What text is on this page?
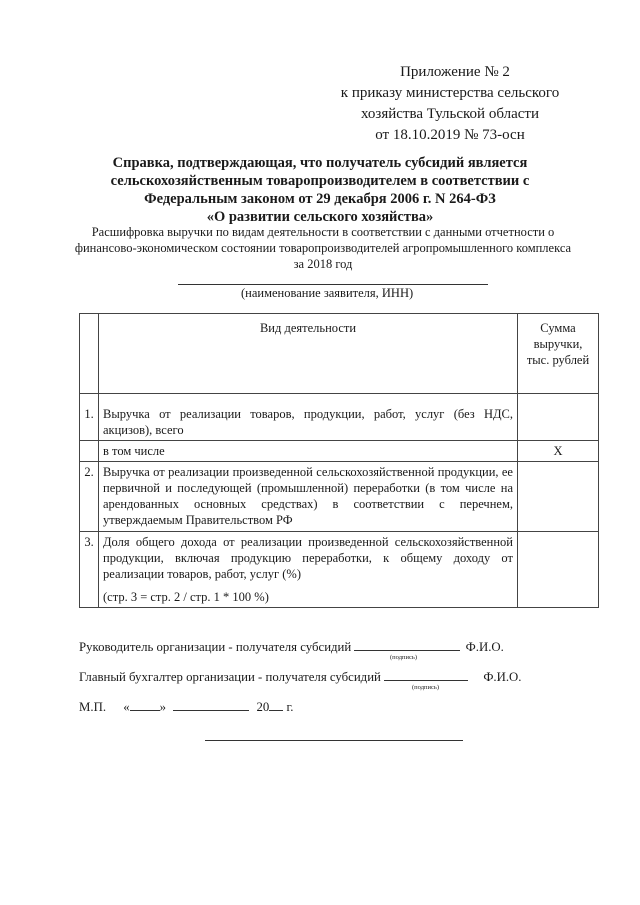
Приложение № 2
к приказу министерства сельского
хозяйства Тульской области
от 18.10.2019 № 73-осн
Справка, подтверждающая, что получатель субсидий является
сельскохозяйственным товаропроизводителем в соответствии с
Федеральным законом от 29 декабря 2006 г. N 264-ФЗ
«О развитии сельского хозяйства»
Расшифровка выручки по видам деятельности в соответствии с данными отчетности о
финансово-экономическом состоянии товаропроизводителей агропромышленного комплекса
за 2018 год
(наименование заявителя, ИНН)
	Вид деятельности	Сумма
выручки,
тыс. рублей

1.	Выручка от реализации товаров, продукции, работ, услуг (без НДС, акцизов), всего	
	в том числе	Х
2.	Выручка от реализации произведенной сельскохозяйственной продукции, ее первичной и последующей (промышленной) переработки (в том числе на арендованных основных средствах) в соответствии с перечнем, утверждаемым Правительством РФ	
3.	Доля общего дохода от реализации произведенной сельскохозяйственной продукции, включая продукцию переработки, к общему доходу от реализации товаров, работ, услуг (%)
(стр. 3 = стр. 2 / стр. 1 * 100 %)	

Руководитель организации - получателя субсидий	Ф.И.О.
(подпись)
Главный бухгалтер организации - получателя субсидий	Ф.И.О.
(подпись)
М.П. « »	20 г.
